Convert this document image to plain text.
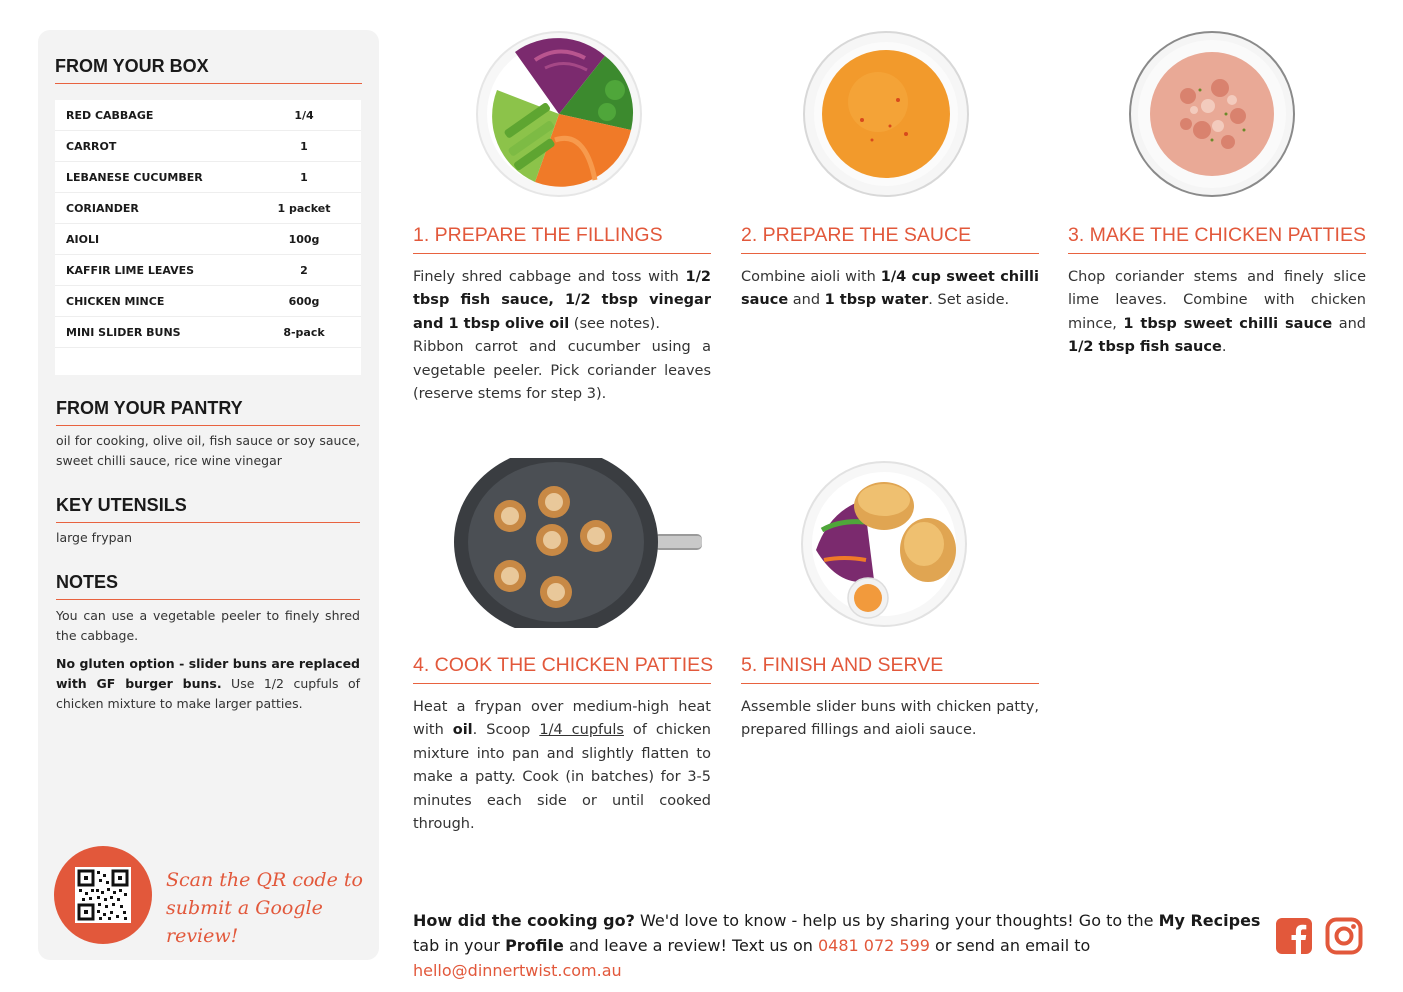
FROM YOUR BOX
RED CABBAGE	1/4
CARROT	1
LEBANESE CUCUMBER	1
CORIANDER	1 packet
AIOLI	100g
KAFFIR LIME LEAVES	2
CHICKEN MINCE	600g
MINI SLIDER BUNS	8-pack
FROM YOUR PANTRY
oil for cooking, olive oil, fish sauce or soy sauce, sweet chilli sauce, rice wine vinegar
KEY UTENSILS
large frypan
NOTES
You can use a vegetable peeler to finely shred the cabbage.
No gluten option - slider buns are replaced with GF burger buns. Use 1/2 cupfuls of chicken mixture to make larger patties.
Scan the QR code to
submit a Google review!
1. PREPARE THE FILLINGS
Finely shred cabbage and toss with 1/2 tbsp fish sauce, 1/2 tbsp vinegar and 1 tbsp olive oil (see notes).
Ribbon carrot and cucumber using a vegetable peeler. Pick coriander leaves (reserve stems for step 3).
2. PREPARE THE SAUCE
Combine aioli with 1/4 cup sweet chilli sauce and 1 tbsp water. Set aside.
3. MAKE THE CHICKEN PATTIES
Chop coriander stems and finely slice lime leaves. Combine with chicken mince, 1 tbsp sweet chilli sauce and 1/2 tbsp fish sauce.
4. COOK THE CHICKEN PATTIES
Heat a frypan over medium-high heat with oil. Scoop 1/4 cupfuls of chicken mixture into pan and slightly flatten to make a patty. Cook (in batches) for 3-5 minutes each side or until cooked through.
5. FINISH AND SERVE
Assemble slider buns with chicken patty, prepared fillings and aioli sauce.
How did the cooking go? We'd love to know - help us by sharing your thoughts! Go to the My Recipes tab in your Profile and leave a review! Text us on 0481 072 599 or send an email to hello@dinnertwist.com.au
